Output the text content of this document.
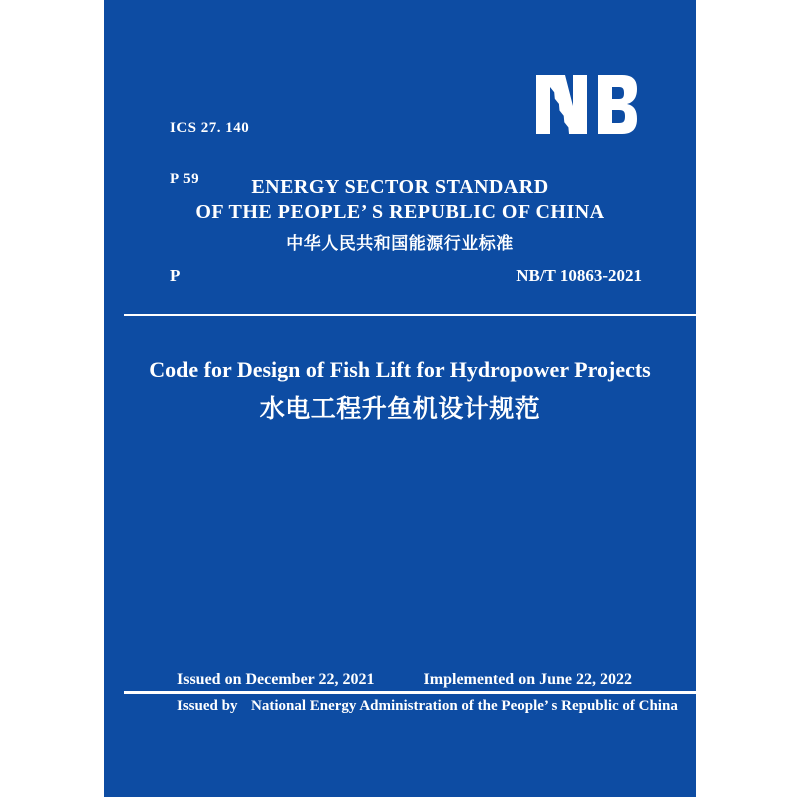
ICS 27. 140

P 59

	ENERGY SECTOR STANDARD
OF THE PEOPLE’ S REPUBLIC OF CHINA
中华人民共和国能源行业标准
P	NB/T 10863-2021
Code for Design of Fish Lift for Hydropower Projects
水电工程升鱼机设计规范
Issued on December 22, 2021	Implemented on June 22, 2022
Issued by National Energy Administration of the People’ s Republic of China
